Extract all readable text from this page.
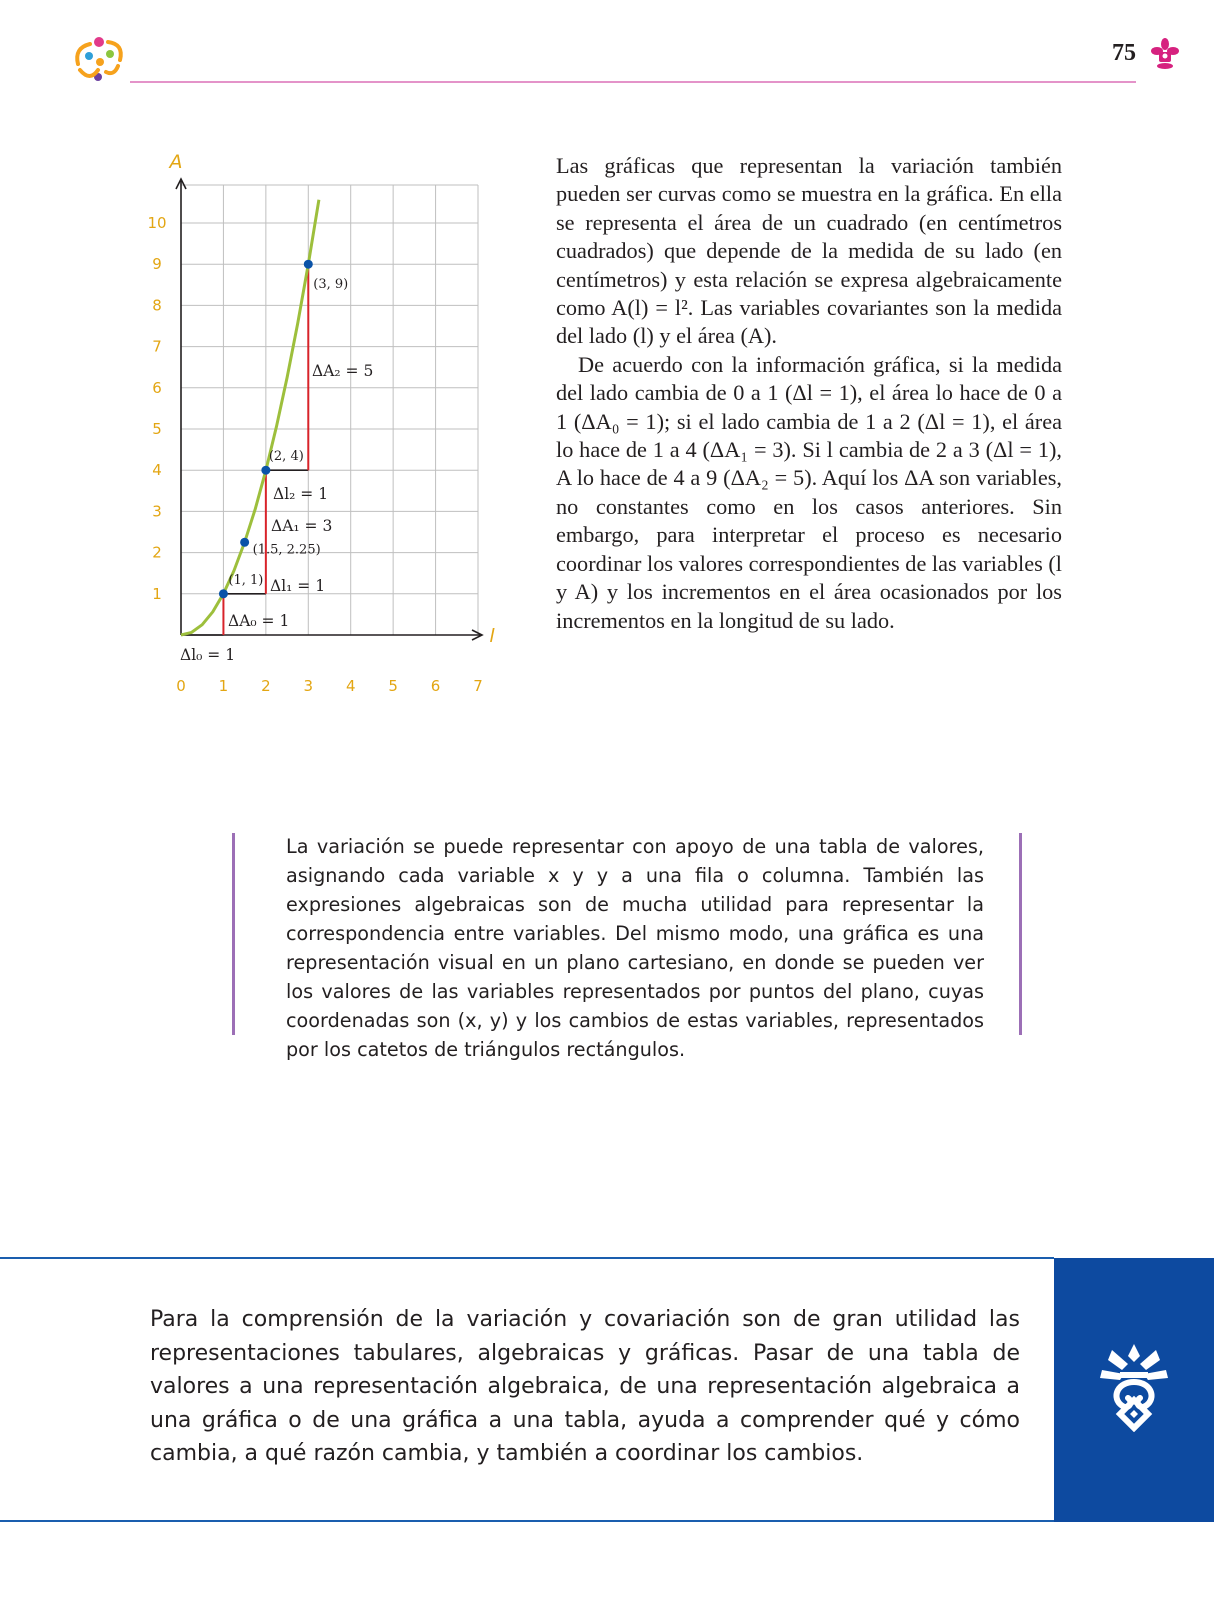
75
(1, 1)
(1.5, 2.25)
(2, 4)
(3, 9)
0 1 2 3 4 5 6 7
1
2
3
4
5
6
7
8
9
10
A
l
Δl₀ = 1
ΔA₀ = 1
Δl₁ = 1
ΔA₁ = 3
Δl₂ = 1
ΔA₂ = 5

Las gráficas que representan la variación también pueden ser curvas como se muestra en la gráfica. En ella se representa el área de un cuadrado (en centímetros cuadrados) que depende de la medida de su lado (en centímetros) y esta relación se expresa algebraicamente como A(l) = l². Las variables covariantes son la medida del lado (l) y el área (A).

De acuerdo con la información gráfica, si la medida del lado cambia de 0 a 1 (Δl = 1), el área lo hace de 0 a 1 (ΔA₀ = 1); si el lado cambia de 1 a 2 (Δl = 1), el área lo hace de 1 a 4 (ΔA₁ = 3). Si l cambia de 2 a 3 (Δl = 1), A lo hace de 4 a 9 (ΔA₂ = 5). Aquí los ΔA son variables, no constantes como en los casos anteriores. Sin embargo, para interpretar el proceso es necesario coordinar los valores correspondientes de las variables (l y A) y los incrementos en el área ocasionados por los incrementos en la longitud de su lado.

La variación se puede representar con apoyo de una tabla de valores, asignando cada variable x y y a una fila o columna. También las expresiones algebraicas son de mucha utilidad para representar la correspondencia entre variables. Del mismo modo, una gráfica es una representación visual en un plano cartesiano, en donde se pueden ver los valores de las variables representados por puntos del plano, cuyas coordenadas son (x, y) y los cambios de estas variables, representados por los catetos de triángulos rectángulos.

Para la comprensión de la variación y covariación son de gran utilidad las representaciones tabulares, algebraicas y gráficas. Pasar de una tabla de valores a una representación algebraica, de una representación algebraica a una gráfica o de una gráfica a una tabla, ayuda a comprender qué y cómo cambia, a qué razón cambia, y también a coordinar los cambios.
